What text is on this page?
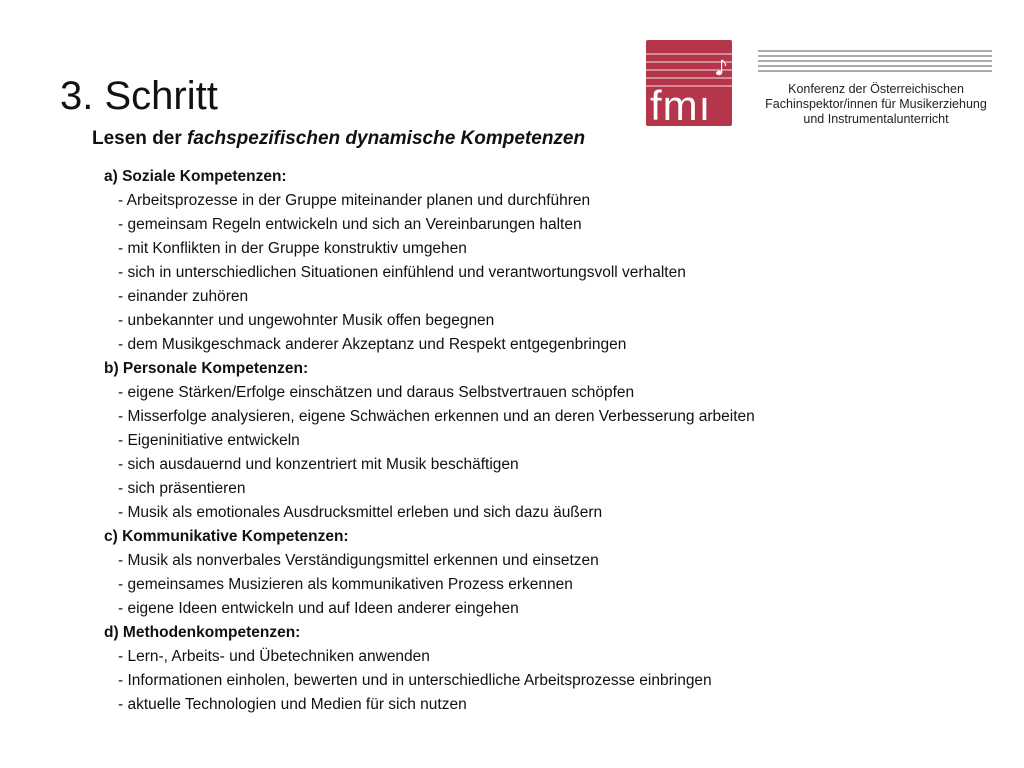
3. Schritt

Lesen der fachspezifischen dynamische Kompetenzen

fmı	Konferenz der Österreichischen
Fachinspektor/innen für Musikerziehung
und Instrumentalunterricht
a) Soziale Kompetenzen:
- Arbeitsprozesse in der Gruppe miteinander planen und durchführen
- gemeinsam Regeln entwickeln und sich an Vereinbarungen halten
- mit Konflikten in der Gruppe konstruktiv umgehen
- sich in unterschiedlichen Situationen einfühlend und verantwortungsvoll verhalten
- einander zuhören
- unbekannter und ungewohnter Musik offen begegnen
- dem Musikgeschmack anderer Akzeptanz und Respekt entgegenbringen
b) Personale Kompetenzen:
- eigene Stärken/Erfolge einschätzen und daraus Selbstvertrauen schöpfen
- Misserfolge analysieren, eigene Schwächen erkennen und an deren Verbesserung arbeiten
- Eigeninitiative entwickeln
- sich ausdauernd und konzentriert mit Musik beschäftigen
- sich präsentieren
- Musik als emotionales Ausdrucksmittel erleben und sich dazu äußern
c) Kommunikative Kompetenzen:
- Musik als nonverbales Verständigungsmittel erkennen und einsetzen
- gemeinsames Musizieren als kommunikativen Prozess erkennen
- eigene Ideen entwickeln und auf Ideen anderer eingehen
d) Methodenkompetenzen:
- Lern-, Arbeits- und Übetechniken anwenden
- Informationen einholen, bewerten und in unterschiedliche Arbeitsprozesse einbringen
- aktuelle Technologien und Medien für sich nutzen
